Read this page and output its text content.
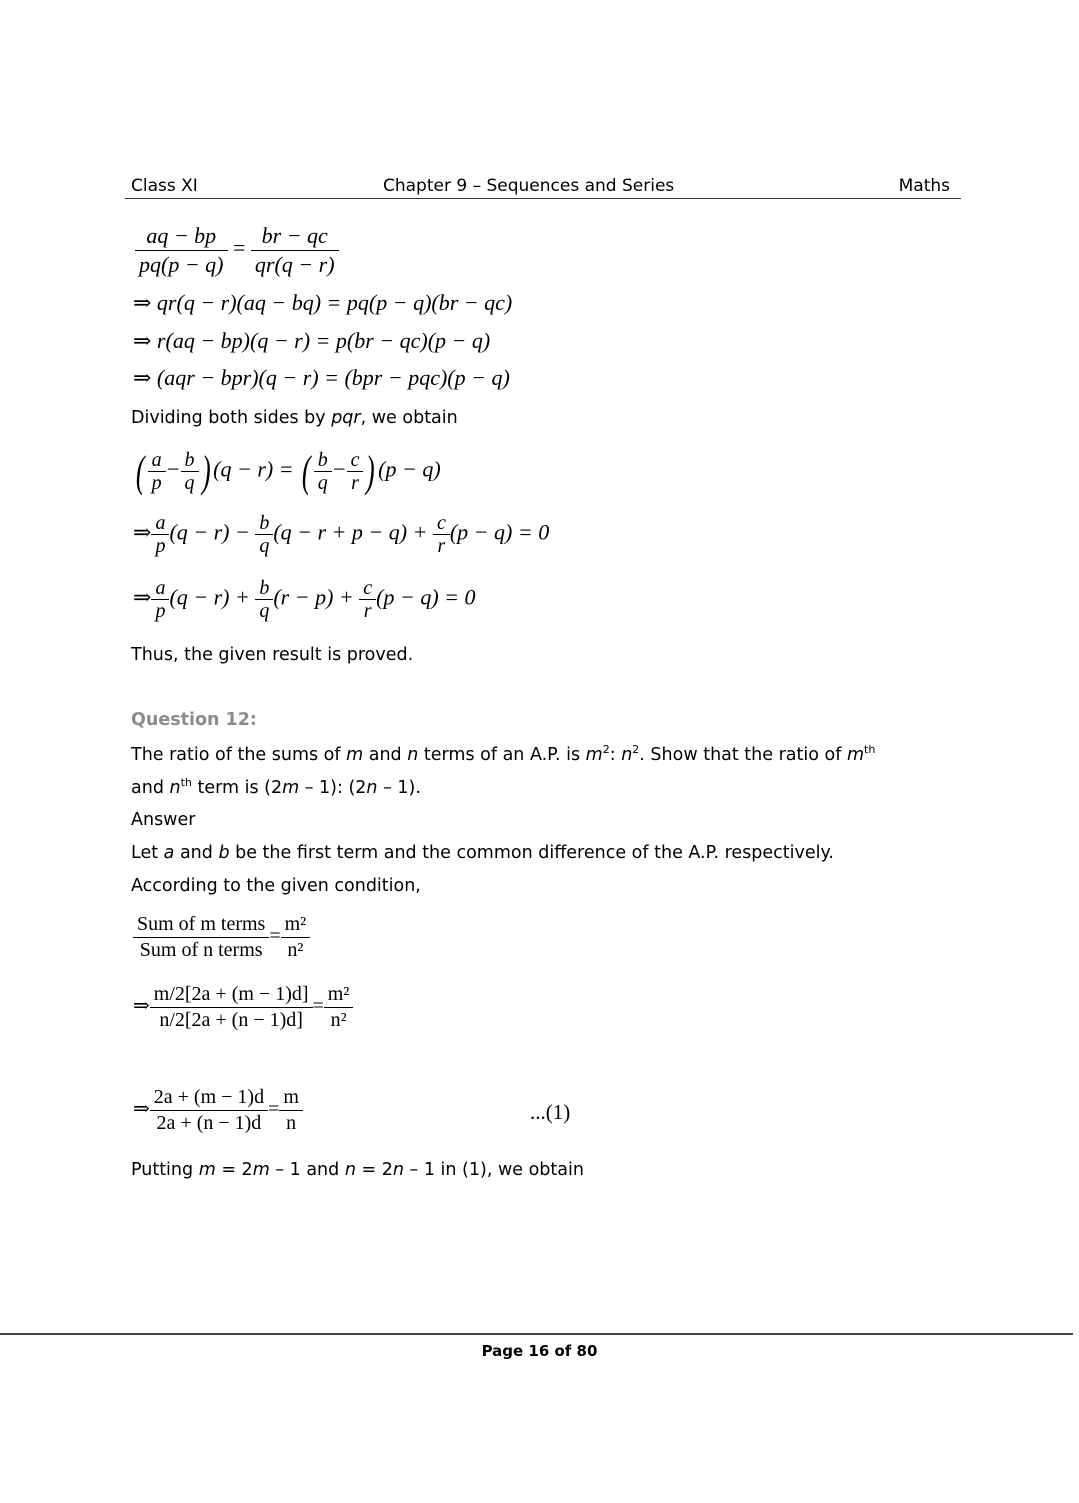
Class XI	Chapter 9 – Sequences and Series	Maths
$\frac{aq - bp}{pq(p - q)} = \frac{br - qc}{qr(q - r)}$
⇒ qr(q − r)(aq − bq) = pq(p − q)(br − qc)
⇒ r(aq − bp)(q − r) = p(br − qc)(p − q)
⇒ (aqr − bpr)(q − r) = (bpr − pqc)(p − q)
Dividing both sides by pqr, we obtain
( $\frac{a}{p} - \frac{b}{q}$ ) (q − r) = ( $\frac{b}{q} - \frac{c}{r}$ ) (p − q)
⇒ $\frac{a}{p} (q - r) - \frac{b}{q} (q - r + p - q) + \frac{c}{r} (p - q) = 0$
⇒ $\frac{a}{p} (q - r) + \frac{b}{q} (r - p) + \frac{c}{r} (p - q) = 0$
Thus, the given result is proved.
Question 12:
The ratio of the sums of m and n terms of an A.P. is $m^2$: $n^2$. Show that the ratio of $m^{th}$
and $n^{th}$ term is (2m – 1): (2n – 1).
Answer
Let a and b be the first term and the common difference of the A.P. respectively.
According to the given condition,
$\frac{\text{Sum of m terms}}{\text{Sum of n terms}} = \frac{\text{m²}}{\text{n²}}$
⇒ $\frac{m/2[2a + (m - 1)d]}{n/2[2a + (n - 1)d]} = \frac{\text{m²}}{\text{n²}}$
⇒ $\frac{2a + (m - 1)d}{2a + (n - 1)d} = \frac{m}{n}$	...(1)
Putting m = 2m – 1 and n = 2n – 1 in (1), we obtain
Page 16 of 80
